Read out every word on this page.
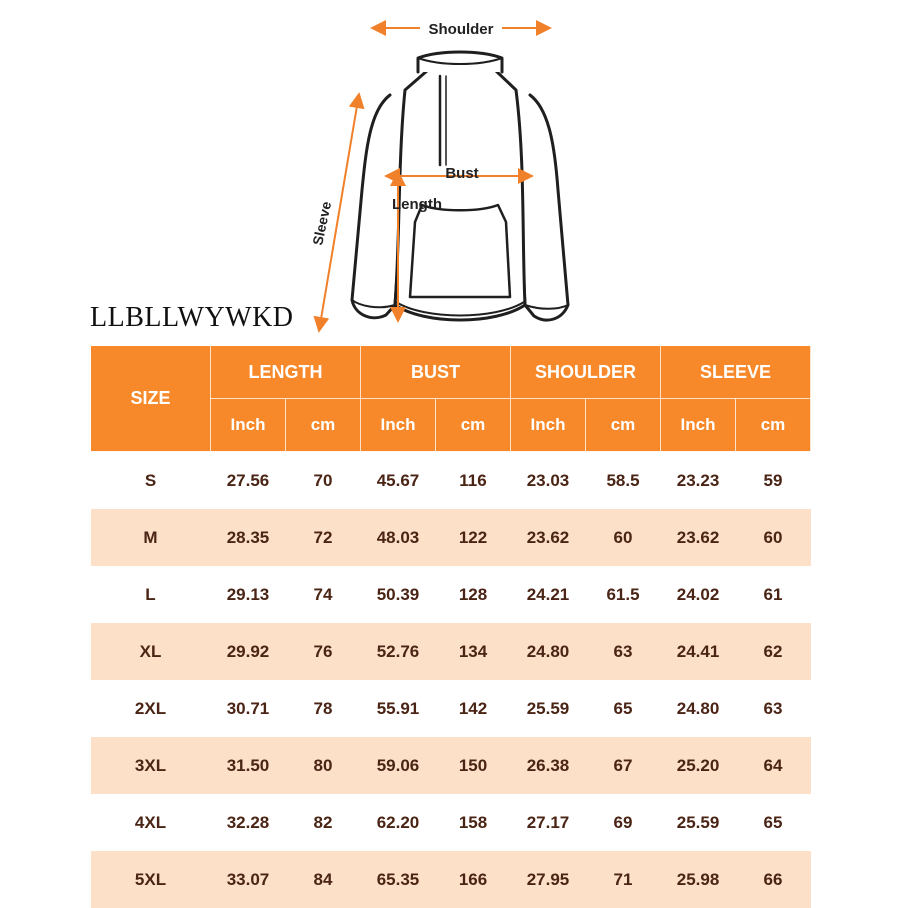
Shoulder
Bust
Length
Sleeve
LLBLLWYWKD
SIZE	LENGTH		BUST		SHOULDER		SLEEVE	
	Inch	cm	Inch	cm	Inch	cm	Inch	cm
S	27.56	70	45.67	116	23.03	58.5	23.23	59
M	28.35	72	48.03	122	23.62	60	23.62	60
L	29.13	74	50.39	128	24.21	61.5	24.02	61
XL	29.92	76	52.76	134	24.80	63	24.41	62
2XL	30.71	78	55.91	142	25.59	65	24.80	63
3XL	31.50	80	59.06	150	26.38	67	25.20	64
4XL	32.28	82	62.20	158	27.17	69	25.59	65
5XL	33.07	84	65.35	166	27.95	71	25.98	66
